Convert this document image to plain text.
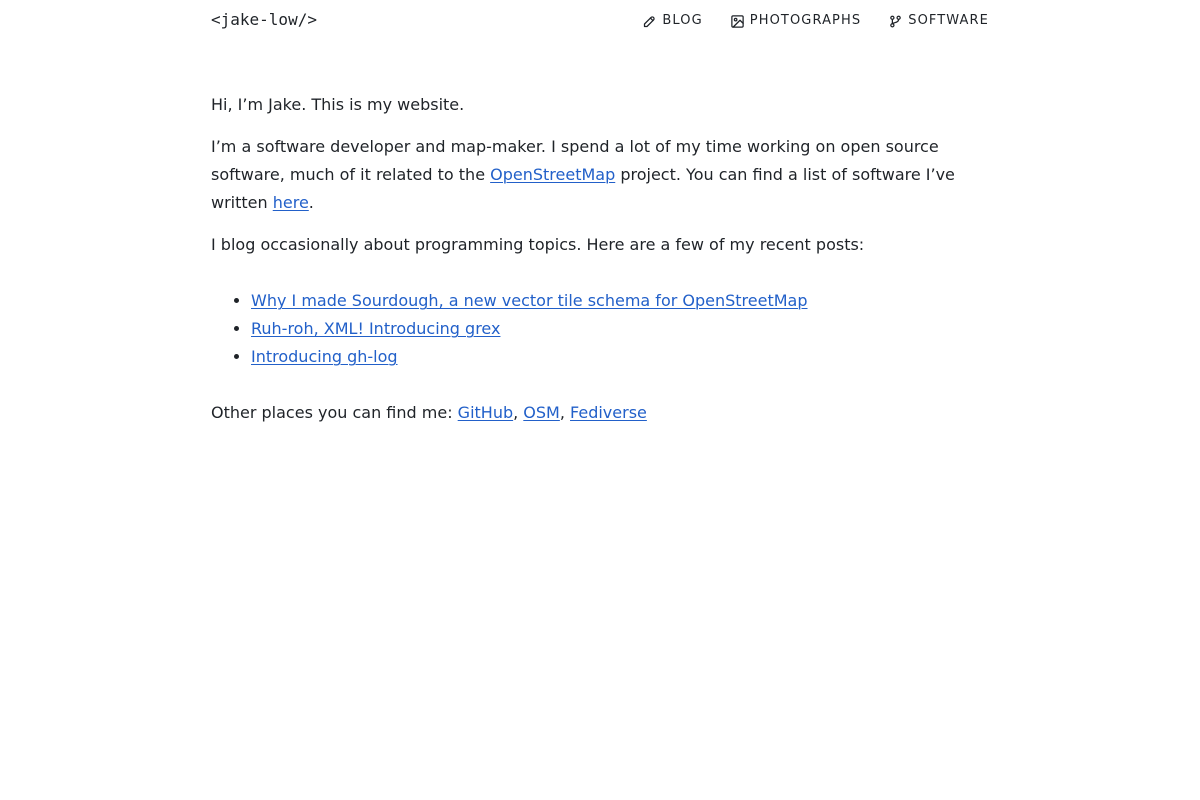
<jake-low/>	BLOG	PHOTOGRAPHS	SOFTWARE

Hi, I’m Jake. This is my website.

I’m a software developer and map-maker. I spend a lot of my time working on open source software, much of it related to the OpenStreetMap project. You can find a list of software I’ve written here.

I blog occasionally about programming topics. Here are a few of my recent posts:

• Why I made Sourdough, a new vector tile schema for OpenStreetMap
• Ruh-roh, XML! Introducing grex
• Introducing gh-log

Other places you can find me: GitHub, OSM, Fediverse
